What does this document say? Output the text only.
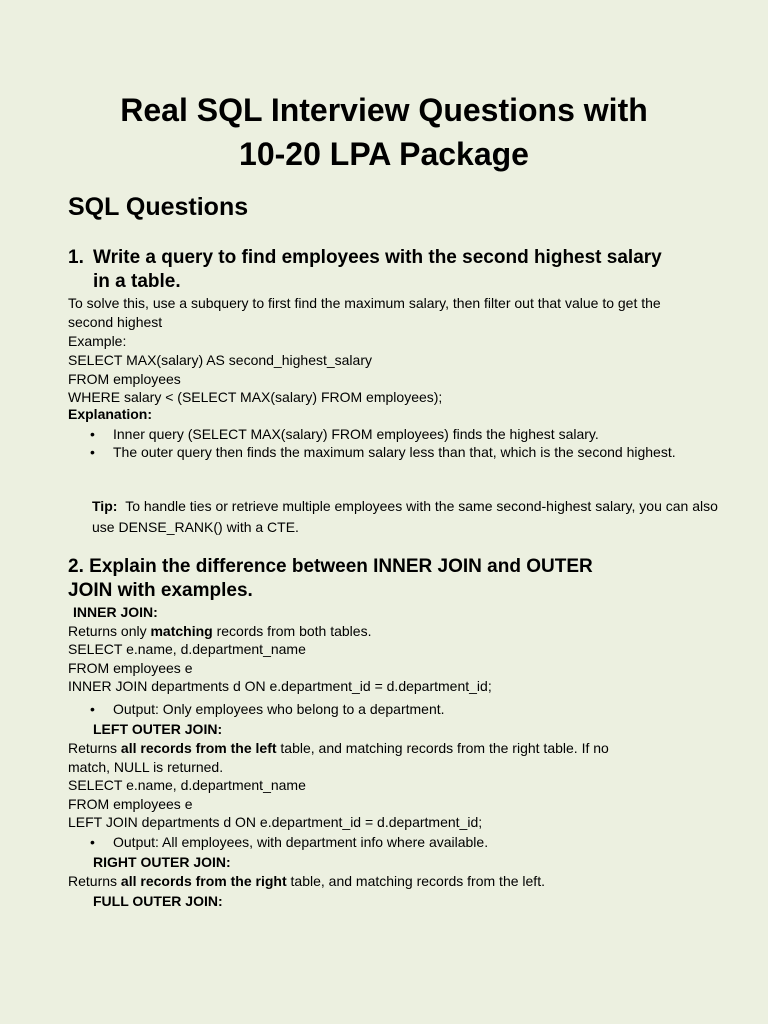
Real SQL Interview Questions with
10-20 LPA Package
SQL Questions
1. Write a query to find employees with the second highest salary
in a table.
To solve this, use a subquery to first find the maximum salary, then filter out that value to get the
second highest
Example:
SELECT MAX(salary) AS second_highest_salary
FROM employees
WHERE salary < (SELECT MAX(salary) FROM employees);
Explanation:
•	Inner query (SELECT MAX(salary) FROM employees) finds the highest salary.
•	The outer query then finds the maximum salary less than that, which is the second highest.
Tip: To handle ties or retrieve multiple employees with the same second-highest salary, you can also use DENSE_RANK() with a CTE.
2. Explain the difference between INNER JOIN and OUTER
JOIN with examples.
INNER JOIN:
Returns only matching records from both tables.
SELECT e.name, d.department_name
FROM employees e
INNER JOIN departments d ON e.department_id = d.department_id;
•	Output: Only employees who belong to a department.
LEFT OUTER JOIN:
Returns all records from the left table, and matching records from the right table. If no
match, NULL is returned.
SELECT e.name, d.department_name
FROM employees e
LEFT JOIN departments d ON e.department_id = d.department_id;
•	Output: All employees, with department info where available.
RIGHT OUTER JOIN:
Returns all records from the right table, and matching records from the left.
FULL OUTER JOIN:
